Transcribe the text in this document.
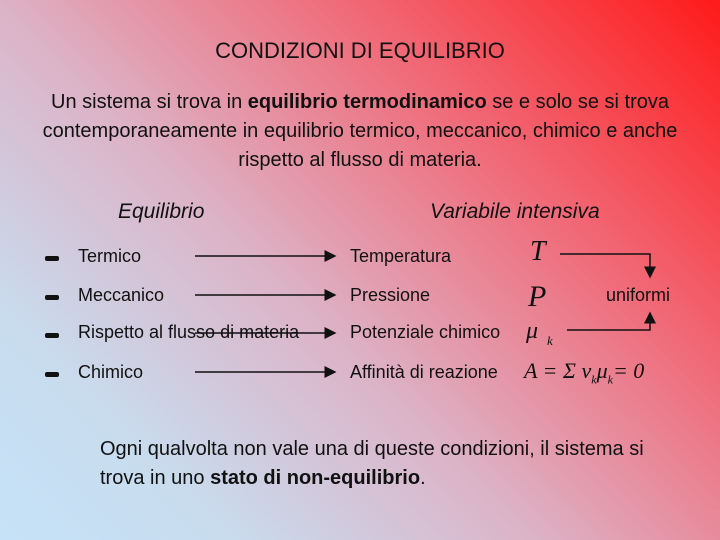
CONDIZIONI DI EQUILIBRIO
Un sistema si trova in equilibrio termodinamico se e solo se si trova contemporaneamente in equilibrio termico, meccanico, chimico e anche rispetto al flusso di materia.
Equilibrio	Variabile intensiva
Termico	Temperatura	T
Meccanico	Pressione	P	uniformi
Rispetto al flusso di materia	Potenziale chimico μ k
Chimico	Affinità di reazione A = Σ $\nu_k\mu_k= 0$
Ogni qualvolta non vale una di queste condizioni, il sistema si trova in uno stato di non-equilibrio.
